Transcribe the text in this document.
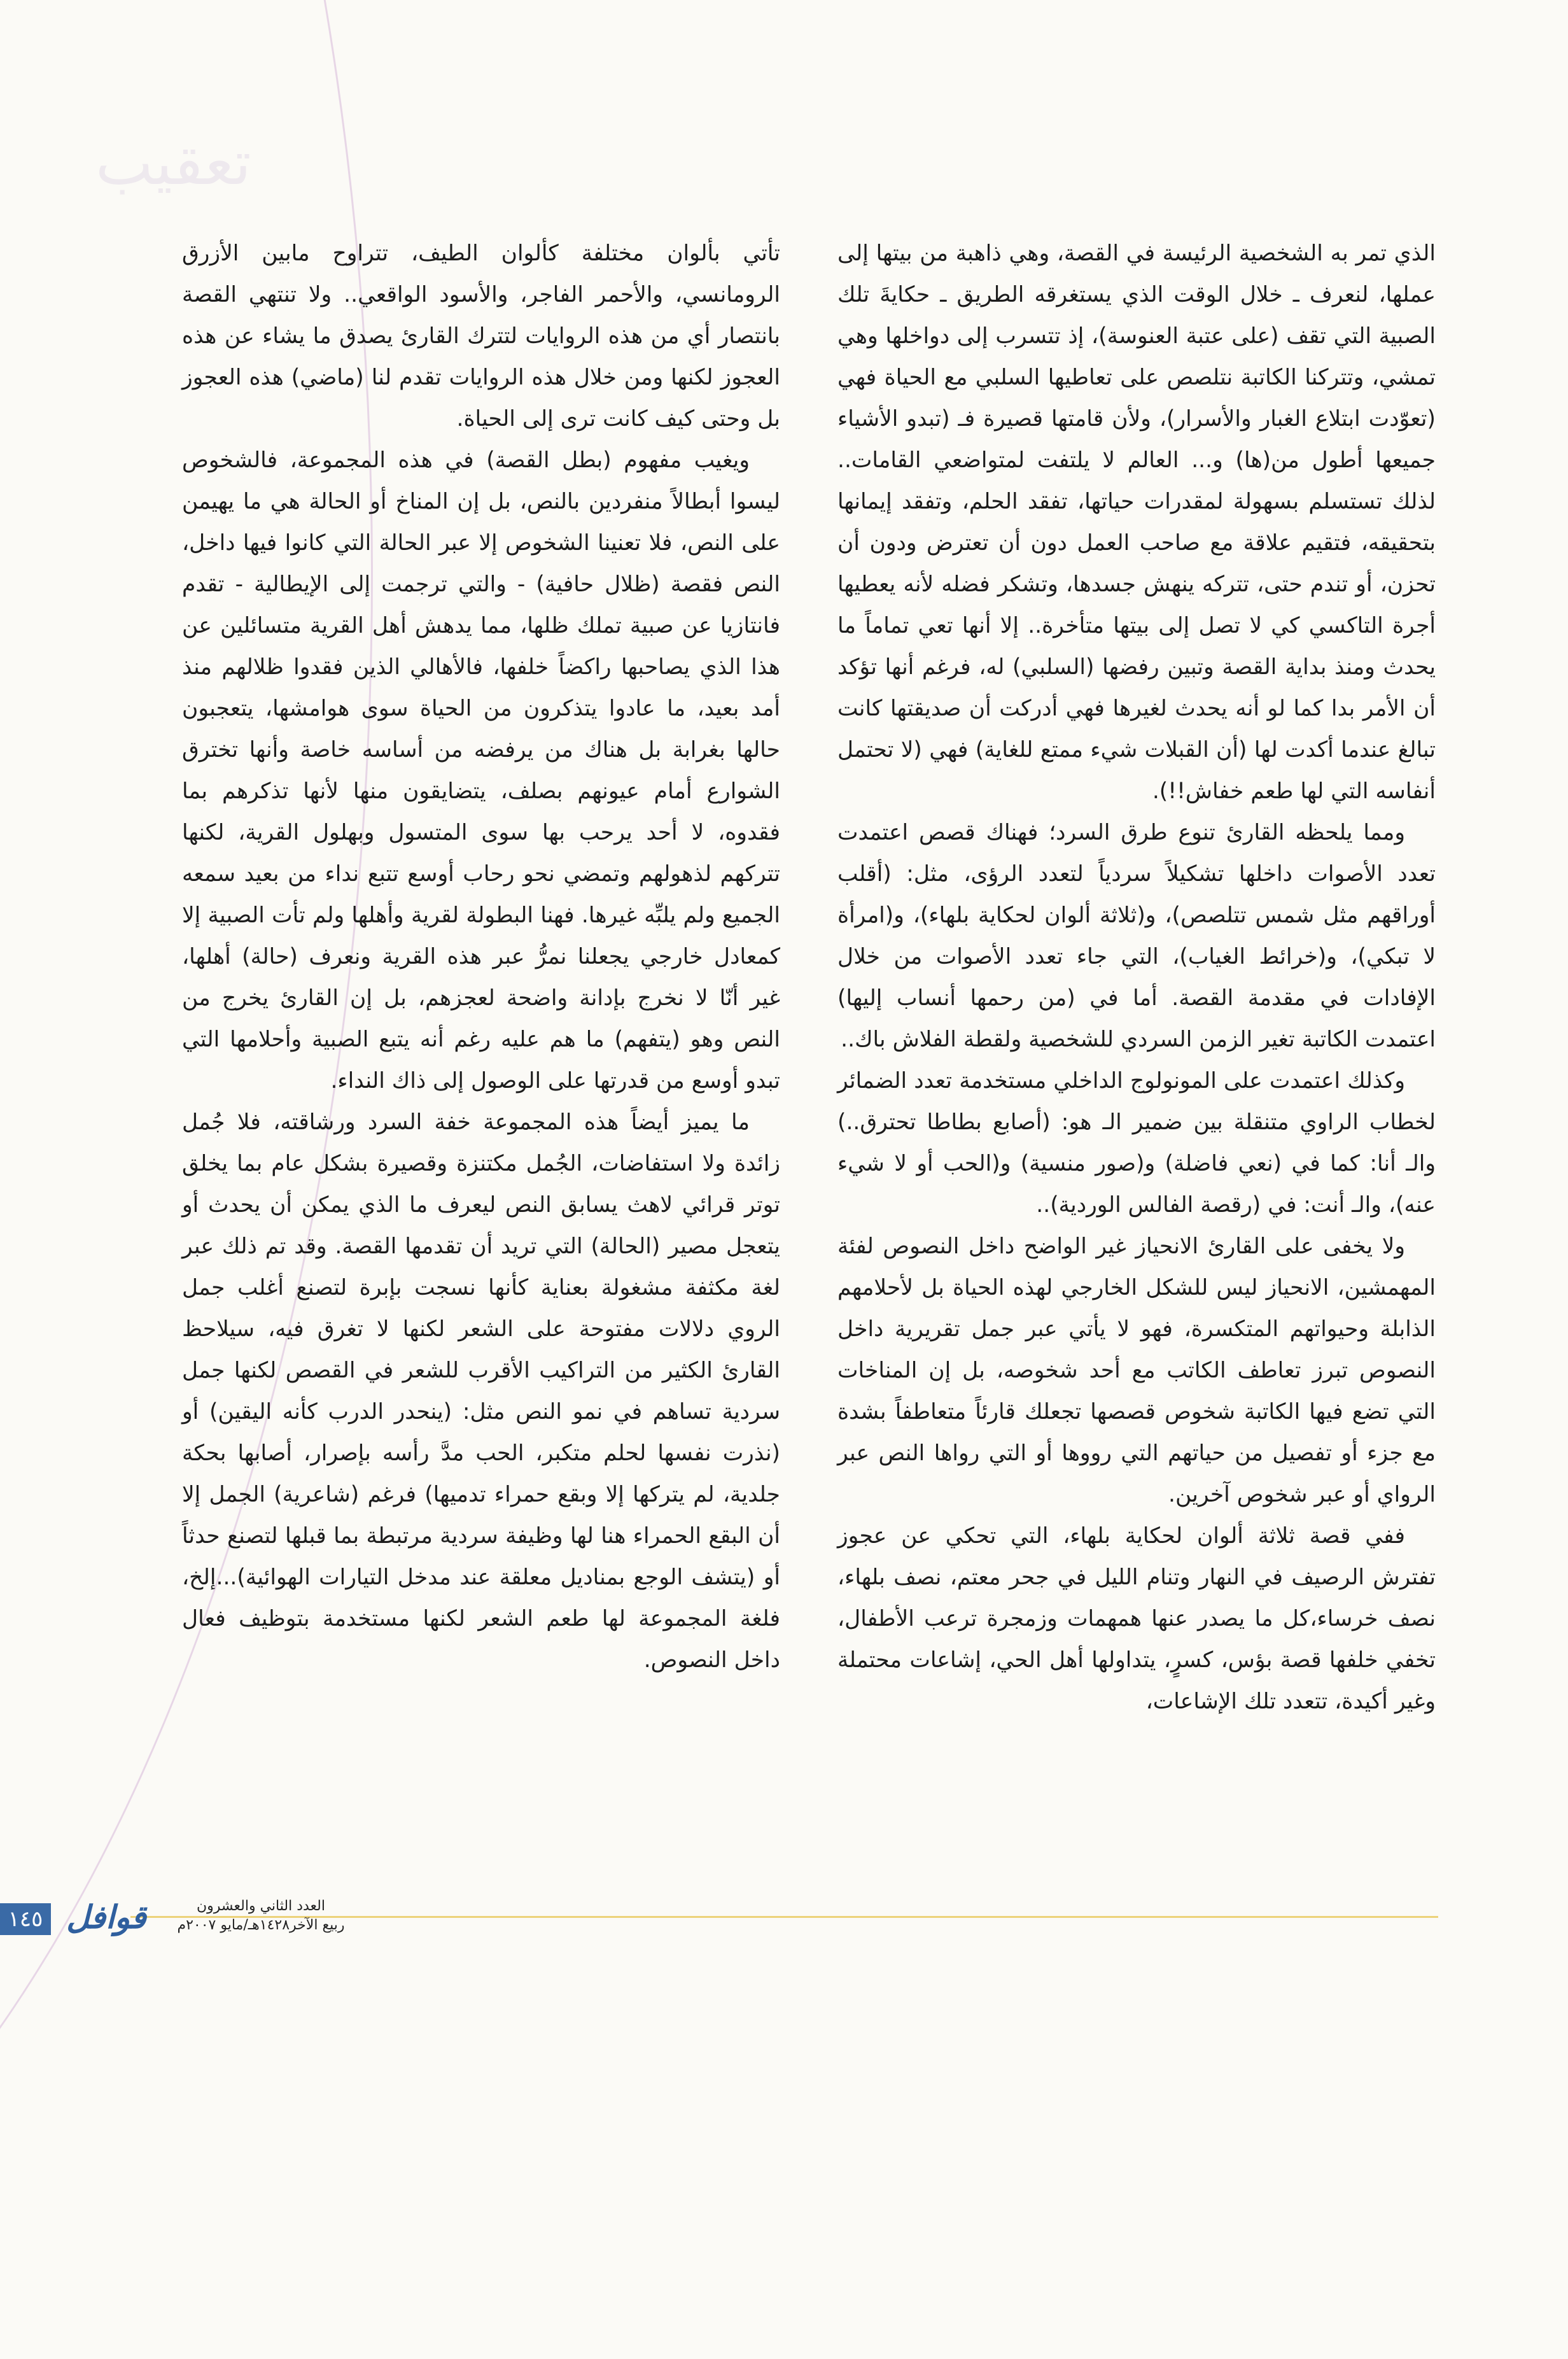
تعقيب

الذي تمر به الشخصية الرئيسة في القصة، وهي ذاهبة من بيتها إلى عملها، لنعرف ـ خلال الوقت الذي يستغرقه الطريق ـ حكايةَ تلك الصبية التي تقف (على عتبة العنوسة)، إذ تتسرب إلى دواخلها وهي تمشي، وتتركنا الكاتبة نتلصص على تعاطيها السلبي مع الحياة فهي (تعوّدت ابتلاع الغبار والأسرار)، ولأن قامتها قصيرة فـ (تبدو الأشياء جميعها أطول من(ها) و... العالم لا يلتفت لمتواضعي القامات.. لذلك تستسلم بسهولة لمقدرات حياتها، تفقد الحلم، وتفقد إيمانها بتحقيقه، فتقيم علاقة مع صاحب العمل دون أن تعترض ودون أن تحزن، أو تندم حتى، تتركه ينهش جسدها، وتشكر فضله لأنه يعطيها أجرة التاكسي كي لا تصل إلى بيتها متأخرة.. إلا أنها تعي تماماً ما يحدث ومنذ بداية القصة وتبين رفضها (السلبي) له، فرغم أنها تؤكد أن الأمر بدا كما لو أنه يحدث لغيرها فهي أدركت أن صديقتها كانت تبالغ عندما أكدت لها (أن القبلات شيء ممتع للغاية) فهي (لا تحتمل أنفاسه التي لها طعم خفاش!!).

ومما يلحظه القارئ تنوع طرق السرد؛ فهناك قصص اعتمدت تعدد الأصوات داخلها تشكيلاً سردياً لتعدد الرؤى، مثل: (أقلب أوراقهم مثل شمس تتلصص)، و(ثلاثة ألوان لحكاية بلهاء)، و(امرأة لا تبكي)، و(خرائط الغياب)، التي جاء تعدد الأصوات من خلال الإفادات في مقدمة القصة. أما في (من رحمها أنساب إليها) اعتمدت الكاتبة تغير الزمن السردي للشخصية ولقطة الفلاش باك..

وكذلك اعتمدت على المونولوج الداخلي مستخدمة تعدد الضمائر لخطاب الراوي متنقلة بين ضمير الـ هو: (أصابع بطاطا تحترق..) والـ أنا: كما في (نعي فاضلة) و(صور منسية) و(الحب أو لا شيء عنه)، والـ أنت: في (رقصة الفالس الوردية)..

ولا يخفى على القارئ الانحياز غير الواضح داخل النصوص لفئة المهمشين، الانحياز ليس للشكل الخارجي لهذه الحياة بل لأحلامهم الذابلة وحيواتهم المتكسرة، فهو لا يأتي عبر جمل تقريرية داخل النصوص تبرز تعاطف الكاتب مع أحد شخوصه، بل إن المناخات التي تضع فيها الكاتبة شخوص قصصها تجعلك قارئاً متعاطفاً بشدة مع جزء أو تفصيل من حياتهم التي رووها أو التي رواها النص عبر الرواي أو عبر شخوص آخرين.

ففي قصة ثلاثة ألوان لحكاية بلهاء، التي تحكي عن عجوز تفترش الرصيف في النهار وتنام الليل في جحر معتم، نصف بلهاء، نصف خرساء،كل ما يصدر عنها همهمات وزمجرة ترعب الأطفال، تخفي خلفها قصة بؤس، كسرٍ، يتداولها أهل الحي، إشاعات محتملة وغير أكيدة، تتعدد تلك الإشاعات،

تأتي بألوان مختلفة كألوان الطيف، تتراوح مابين الأزرق الرومانسي، والأحمر الفاجر، والأسود الواقعي.. ولا تنتهي القصة بانتصار أي من هذه الروايات لتترك القارئ يصدق ما يشاء عن هذه العجوز لكنها ومن خلال هذه الروايات تقدم لنا (ماضي) هذه العجوز بل وحتى كيف كانت ترى إلى الحياة.

ويغيب مفهوم (بطل القصة) في هذه المجموعة، فالشخوص ليسوا أبطالاً منفردين بالنص، بل إن المناخ أو الحالة هي ما يهيمن على النص، فلا تعنينا الشخوص إلا عبر الحالة التي كانوا فيها داخل، النص فقصة (ظلال حافية) - والتي ترجمت إلى الإيطالية - تقدم فانتازيا عن صبية تملك ظلها، مما يدهش أهل القرية متسائلين عن هذا الذي يصاحبها راكضاً خلفها، فالأهالي الذين فقدوا ظلالهم منذ أمد بعيد، ما عادوا يتذكرون من الحياة سوى هوامشها، يتعجبون حالها بغرابة بل هناك من يرفضه من أساسه خاصة وأنها تخترق الشوارع أمام عيونهم بصلف، يتضايقون منها لأنها تذكرهم بما فقدوه، لا أحد يرحب بها سوى المتسول وبهلول القرية، لكنها تتركهم لذهولهم وتمضي نحو رحاب أوسع تتبع نداء من بعيد سمعه الجميع ولم يلبِّه غيرها. فهنا البطولة لقرية وأهلها ولم تأت الصبية إلا كمعادل خارجي يجعلنا نمرُّ عبر هذه القرية ونعرف (حالة) أهلها، غير أنّا لا نخرج بإدانة واضحة لعجزهم، بل إن القارئ يخرج من النص وهو (يتفهم) ما هم عليه رغم أنه يتبع الصبية وأحلامها التي تبدو أوسع من قدرتها على الوصول إلى ذاك النداء.

ما يميز أيضاً هذه المجموعة خفة السرد ورشاقته، فلا جُمل زائدة ولا استفاضات، الجُمل مكتنزة وقصيرة بشكل عام بما يخلق توتر قرائي لاهث يسابق النص ليعرف ما الذي يمكن أن يحدث أو يتعجل مصير (الحالة) التي تريد أن تقدمها القصة. وقد تم ذلك عبر لغة مكثفة مشغولة بعناية كأنها نسجت بإبرة لتصنع أغلب جمل الروي دلالات مفتوحة على الشعر لكنها لا تغرق فيه، سيلاحظ القارئ الكثير من التراكيب الأقرب للشعر في القصص لكنها جمل سردية تساهم في نمو النص مثل: (ينحدر الدرب كأنه اليقين) أو (نذرت نفسها لحلم متكبر، الحب مدَّ رأسه بإصرار، أصابها بحكة جلدية، لم يتركها إلا وبقع حمراء تدميها) فرغم (شاعرية) الجمل إلا أن البقع الحمراء هنا لها وظيفة سردية مرتبطة بما قبلها لتصنع حدثاً أو (يتشف الوجع بمناديل معلقة عند مدخل التيارات الهوائية)...إلخ، فلغة المجموعة لها طعم الشعر لكنها مستخدمة بتوظيف فعال داخل النصوص.

١٤٥ قوافل	العدد الثاني والعشرون
ربيع الآخر١٤٢٨هـ/مايو ٢٠٠٧م
